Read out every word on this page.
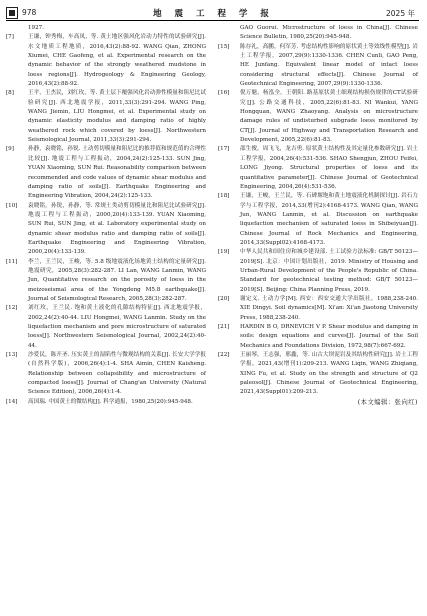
978	地 震 工 程 学 报	2025 年
1927.
[7]	王谦，钟秀梅，车高凤，等. 黄土地区强风化岩动力特性的试验研究[J]. 水文地质工程地质，2016,43(2):88-92. WANG Qian, ZHONG Xiumei, CHE Gaofeng, et al. Experimental research on the dynamic behavior of the strongly weathered mudstone in loess regions[J]. Hydrogeology & Engineering Geology, 2016,43(2):88-92.
[8]	王平，王杰民，刘红玫，等. 黄土层下覆强风化岩动弹性模量和阻尼比试验研究[J]. 西北地震学报，2011,33(3):291-294. WANG Ping, WANG Jiemin, LIU Hongmei, et al. Experimental study on dynamic elasticity modulus and damping ratio of highly weathered rock which covered by loess[J]. Northwestern Seismological Journal, 2011,33(3):291-294.
[9]	孙静，袁晓铭，孙锐. 土动剪切模量和阻尼比的推荐值和规范值的合理性比较[J]. 地震工程与工程振动，2004,24(2):125-133. SUN Jing, YUAN Xiaoming, SUN Rui. Reasonability comparison between recommended and code values of dynamic shear modulus and damping ratio of soils[J]. Earthquake Engineering and Engineering Vibration, 2004,24(2):125-133.
[10]	袁晓铭，孙锐，孙静，等. 常规土类动剪切模量比和阻尼比试验研究[J]. 地震工程与工程振动，2000,20(4):133-139. YUAN Xiaoming, SUN Rui, SUN Jing, et al. Laboratory experimental study on dynamic shear modulus ratio and damping ratio of soils[J]. Earthquake Engineering and Engineering Vibration, 2000,20(4):133-139.
[11]	李兰，王兰民，王峻，等. 5.8 级地震液化场地黄土结构的定量研究[J]. 地震研究，2005,28(3):282-287. LI Lan, WANG Lanmin, WANG Jun, Quantitative research on the porosity of loess in the meizoseismal area of the Yongdeng M5.8 earthquake[J]. Journal of Seismological Research, 2005,28(3):282-287.
[12]	刘红玫，王兰民. 饱和黄土液化的孔隙结构特征[J]. 西北地震学报，2002,24(2):40-44. LIU Hongmei, WANG Lanmin. Study on the liquefaction mechanism and pore microstructure of saturated loess[J]. Northwestern Seismological Journal, 2002,24(2):40-44.
[13]	沙爱民，陈开圣. 压实黄土的湿陷性与微观结构的关系[J]. 长安大学学报(自然科学版)，2006,26(4):1-4. SHA Aimin, CHEN Kaisheng. Relationship between collapsibility and microstructure of compacted loess[J]. Journal of Chang'an University (Natural Science Edition), 2006,26(4):1-4.
[14]	高国瑞. 中国黄土的微结构[J]. 科学通报，1980,25(20):945-948.
GAO Guorui. Microstructure of loess in China[J]. Chinese Science Bulletin, 1980,25(20):945-948.
[15]	陈存礼，高鹏，何军芳. 考虑结构性影响的原状黄土等效线性模型[J]. 岩土工程学报，2007,29(9):1330-1336. CHEN Cunli, GAO Peng, HE Junfang. Equivalent linear model of intact loess considering structural effects[J]. Chinese Journal of Geotechnical Engineering, 2007,29(9):1330-1336.
[16]	倪万魁，杨泓全，王朝阳. 路基原状黄土细观结构损伤规律的CT试验研究[J]. 公路交通科技，2005,22(6):81-83. NI Wankui, YANG Hongquan, WANG Zhaoyang. Analysis on microstructure damage rules of undisturbed subgrade loess monitored by CT[J]. Journal of Highway and Transportation Research and Development, 2005,22(6):81-83.
[17]	邵生俊，周飞飞，龙吉勇. 原状黄土结构性及其定量化参数研究[J]. 岩土工程学报，2004,26(4):531-536. SHAO Shengjun, ZHOU Feifei, LONG Jiyong. Structural properties of loess and its quantitative parameter[J]. Chinese Journal of Geotechnical Engineering, 2004,26(4):531-536.
[18]	王谦，王峻，王兰民，等. 石碑塬饱和黄土地震液化机制探讨[J]. 岩石力学与工程学报，2014,33(增刊2):4168-4173. WANG Qian, WANG Jun, WANG Lanmin, et al. Discussion on earthquake liquefaction mechanism of saturated loess in Shibeiyuan[J]. Chinese Journal of Rock Mechanics and Engineering, 2014,33(Suppl02):4168-4173.
[19]	中华人民共和国住房和城乡建设部. 土工试验方法标准: GB/T 50123—2019[S]. 北京：中国计划出版社，2019. Ministry of Housing and Urban-Rural Development of the People's Republic of China. Standard for geotechnical testing method: GB/T 50123—2019[S]. Beijing: China Planning Press, 2019.
[20]	谢定义. 土动力学[M]. 西安：西安交通大学出版社，1988,238-240. XIE Dingyi. Soil dynamics[M]. Xi'an: Xi'an Jiaotong University Press, 1988,238-240.
[21]	HARDIN B O, DRNEVICH V P. Shear modulus and damping in soils: design equations and curves[J]. Journal of the Soil Mechanics and Foundations Division, 1972,98(7):667-692.
[22]	王丽琴，王志强，邢鑫，等. 山古大坝泥岩及其结构性研究[J]. 岩土工程学报，2021,43(增刊1):209-213. WANG Liqin, WANG Zhiqiang, XING Fu, et al. Study on the strength and structure of Q2 paleosol[J]. Chinese Journal of Geotechnical Engineering, 2021,43(Suppl01):209-213.
(本文编辑：张向红)
